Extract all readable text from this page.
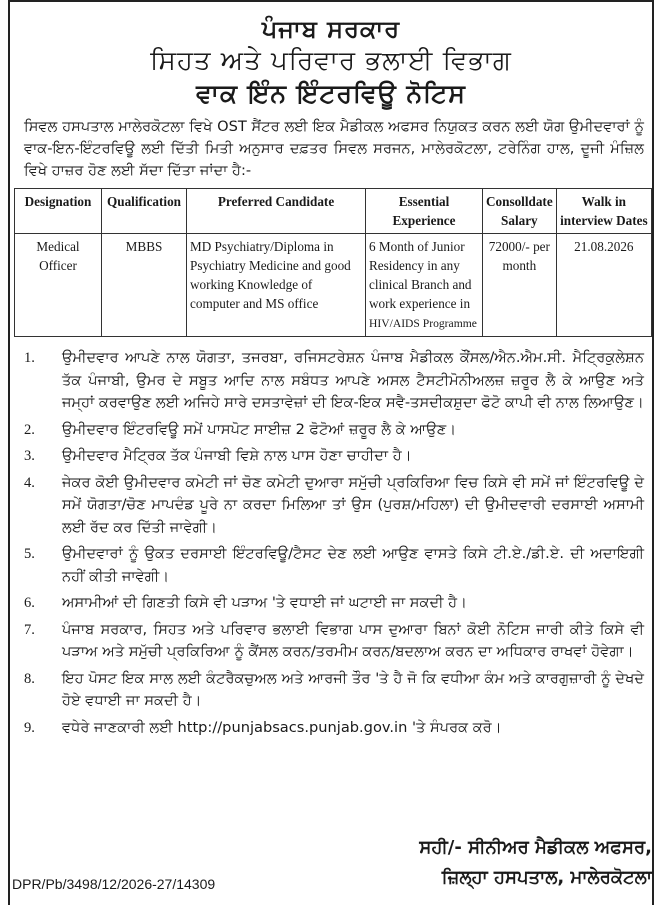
ਪੰਜਾਬ ਸਰਕਾਰ
ਸਿਹਤ ਅਤੇ ਪਰਿਵਾਰ ਭਲਾਈ ਵਿਭਾਗ
ਵਾਕ ਇੰਨ ਇੰਟਰਵਿਊ ਨੋਟਿਸ
ਸਿਵਲ ਹਸਪਤਾਲ ਮਾਲੇਰਕੋਟਲਾ ਵਿਖੇ OST ਸੈਂਟਰ ਲਈ ਇਕ ਮੈਡੀਕਲ ਅਫਸਰ ਨਿਯੁਕਤ ਕਰਨ ਲਈ ਯੋਗ ਉਮੀਦਵਾਰਾਂ ਨੂੰ ਵਾਕ-ਇਨ-ਇੰਟਰਵਿਊ ਲਈ ਦਿੱਤੀ ਮਿਤੀ ਅਨੁਸਾਰ ਦਫ਼ਤਰ ਸਿਵਲ ਸਰਜਨ, ਮਾਲੇਰਕੋਟਲਾ, ਟਰੇਨਿੰਗ ਹਾਲ, ਦੂਜੀ ਮੰਜ਼ਿਲ ਵਿਖੇ ਹਾਜ਼ਰ ਹੋਣ ਲਈ ਸੱਦਾ ਦਿੱਤਾ ਜਾਂਦਾ ਹੈ:-
Designation	Qualification	Preferred Candidate	Essential Experience	Consolldate Salary	Walk in interview Dates
Medical Officer	MBBS	MD Psychiatry/Diploma in Psychiatry Medicine and good working Knowledge of computer and MS office	6 Month of Junior Residency in any clinical Branch and work experience in HIV/AIDS Programme	72000/- per month	21.08.2026
1. ਉਮੀਦਵਾਰ ਆਪਣੇ ਨਾਲ ਯੋਗਤਾ, ਤਜਰਬਾ, ਰਜਿਸਟਰੇਸ਼ਨ ਪੰਜਾਬ ਮੈਡੀਕਲ ਕੌਂਸਲ/ਐਨ.ਐਮ.ਸੀ. ਮੈਟ੍ਰਿਕੁਲੇਸ਼ਨ ਤੱਕ ਪੰਜਾਬੀ, ਉਮਰ ਦੇ ਸਬੂਤ ਆਦਿ ਨਾਲ ਸਬੰਧਤ ਆਪਣੇ ਅਸਲ ਟੈਸਟੀਮੋਨੀਅਲਜ਼ ਜ਼ਰੂਰ ਲੈ ਕੇ ਆਉਣ ਅਤੇ ਜਮ੍ਹਾਂ ਕਰਵਾਉਣ ਲਈ ਅਜਿਹੇ ਸਾਰੇ ਦਸਤਾਵੇਜ਼ਾਂ ਦੀ ਇਕ-ਇਕ ਸਵੈ-ਤਸਦੀਕਸ਼ੁਦਾ ਫੋਟੋ ਕਾਪੀ ਵੀ ਨਾਲ ਲਿਆਉਣ।
2. ਉਮੀਦਵਾਰ ਇੰਟਰਵਿਊ ਸਮੇਂ ਪਾਸਪੋਟ ਸਾਈਜ਼ 2 ਫੋਟੋਆਂ ਜ਼ਰੂਰ ਲੈ ਕੇ ਆਉਣ।
3. ਉਮੀਦਵਾਰ ਮੈਟ੍ਰਿਕ ਤੱਕ ਪੰਜਾਬੀ ਵਿਸ਼ੇ ਨਾਲ ਪਾਸ ਹੋਣਾ ਚਾਹੀਦਾ ਹੈ।
4. ਜੇਕਰ ਕੋਈ ਉਮੀਦਵਾਰ ਕਮੇਟੀ ਜਾਂ ਚੋਣ ਕਮੇਟੀ ਦੁਆਰਾ ਸਮੁੱਚੀ ਪ੍ਰਕਿਰਿਆ ਵਿਚ ਕਿਸੇ ਵੀ ਸਮੇਂ ਜਾਂ ਇੰਟਰਵਿਊ ਦੇ ਸਮੇਂ ਯੋਗਤਾ/ਚੋਣ ਮਾਪਦੰਡ ਪੂਰੇ ਨਾ ਕਰਦਾ ਮਿਲਿਆ ਤਾਂ ਉਸ (ਪੁਰਸ਼/ਮਹਿਲਾ) ਦੀ ਉਮੀਦਵਾਰੀ ਦਰਸਾਈ ਅਸਾਮੀ ਲਈ ਰੱਦ ਕਰ ਦਿੱਤੀ ਜਾਵੇਗੀ।
5. ਉਮੀਦਵਾਰਾਂ ਨੂੰ ਉਕਤ ਦਰਸਾਈ ਇੰਟਰਵਿਊ/ਟੈਸਟ ਦੇਣ ਲਈ ਆਉਣ ਵਾਸਤੇ ਕਿਸੇ ਟੀ.ਏ./ਡੀ.ਏ. ਦੀ ਅਦਾਇਗੀ ਨਹੀਂ ਕੀਤੀ ਜਾਵੇਗੀ।
6. ਅਸਾਮੀਆਂ ਦੀ ਗਿਣਤੀ ਕਿਸੇ ਵੀ ਪੜਾਅ 'ਤੇ ਵਧਾਈ ਜਾਂ ਘਟਾਈ ਜਾ ਸਕਦੀ ਹੈ।
7. ਪੰਜਾਬ ਸਰਕਾਰ, ਸਿਹਤ ਅਤੇ ਪਰਿਵਾਰ ਭਲਾਈ ਵਿਭਾਗ ਪਾਸ ਦੁਆਰਾ ਬਿਨਾਂ ਕੋਈ ਨੋਟਿਸ ਜਾਰੀ ਕੀਤੇ ਕਿਸੇ ਵੀ ਪੜਾਅ ਅਤੇ ਸਮੁੱਚੀ ਪ੍ਰਕਿਰਿਆ ਨੂੰ ਕੈਂਸਲ ਕਰਨ/ਤਰਮੀਮ ਕਰਨ/ਬਦਲਾਅ ਕਰਨ ਦਾ ਅਧਿਕਾਰ ਰਾਖਵਾਂ ਹੋਵੇਗਾ।
8. ਇਹ ਪੋਸਟ ਇਕ ਸਾਲ ਲਈ ਕੰਟਰੈਕਚੁਅਲ ਅਤੇ ਆਰਜੀ ਤੌਰ 'ਤੇ ਹੈ ਜੋ ਕਿ ਵਧੀਆ ਕੰਮ ਅਤੇ ਕਾਰਗੁਜ਼ਾਰੀ ਨੂੰ ਦੇਖਦੇ ਹੋਏ ਵਧਾਈ ਜਾ ਸਕਦੀ ਹੈ।
9. ਵਧੇਰੇ ਜਾਣਕਾਰੀ ਲਈ http://punjabsacs.punjab.gov.in 'ਤੇ ਸੰਪਰਕ ਕਰੋ।
ਸਹੀ/- ਸੀਨੀਅਰ ਮੈਡੀਕਲ ਅਫਸਰ,
ਜ਼ਿਲ੍ਹਾ ਹਸਪਤਾਲ, ਮਾਲੇਰਕੋਟਲਾ
DPR/Pb/3498/12/2026-27/14309
